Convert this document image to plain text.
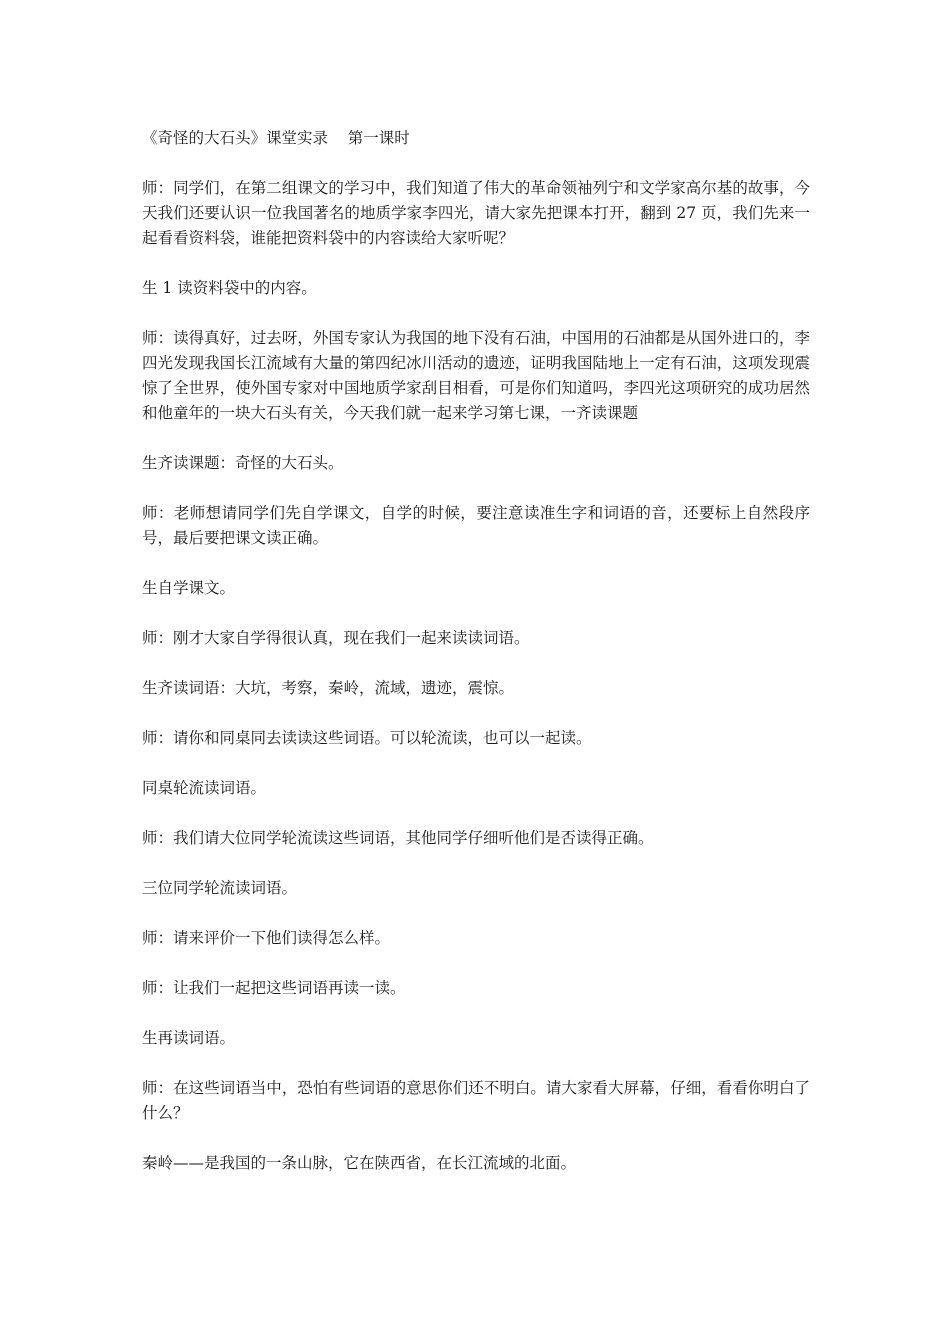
《奇怪的大石头》课堂实录    第一课时

师：同学们，在第二组课文的学习中，我们知道了伟大的革命领袖列宁和文学家高尔基的故事，今天我们还要认识一位我国著名的地质学家李四光，请大家先把课本打开，翻到 27 页，我们先来一起看看资料袋，谁能把资料袋中的内容读给大家听呢？

生 1 读资料袋中的内容。

师：读得真好，过去呀，外国专家认为我国的地下没有石油，中国用的石油都是从国外进口的，李四光发现我国长江流域有大量的第四纪冰川活动的遗迹，证明我国陆地上一定有石油，这项发现震惊了全世界，使外国专家对中国地质学家刮目相看，可是你们知道吗，李四光这项研究的成功居然和他童年的一块大石头有关，今天我们就一起来学习第七课，一齐读课题

生齐读课题：奇怪的大石头。

师：老师想请同学们先自学课文，自学的时候，要注意读准生字和词语的音，还要标上自然段序号，最后要把课文读正确。

生自学课文。

师：刚才大家自学得很认真，现在我们一起来读读词语。

生齐读词语：大坑，考察，秦岭，流域，遗迹，震惊。

师：请你和同桌同去读读这些词语。可以轮流读，也可以一起读。

同桌轮流读词语。

师：我们请大位同学轮流读这些词语，其他同学仔细听他们是否读得正确。

三位同学轮流读词语。

师：请来评价一下他们读得怎么样。

师：让我们一起把这些词语再读一读。

生再读词语。

师：在这些词语当中，恐怕有些词语的意思你们还不明白。请大家看大屏幕，仔细，看看你明白了什么？

秦岭——是我国的一条山脉，它在陕西省，在长江流域的北面。
